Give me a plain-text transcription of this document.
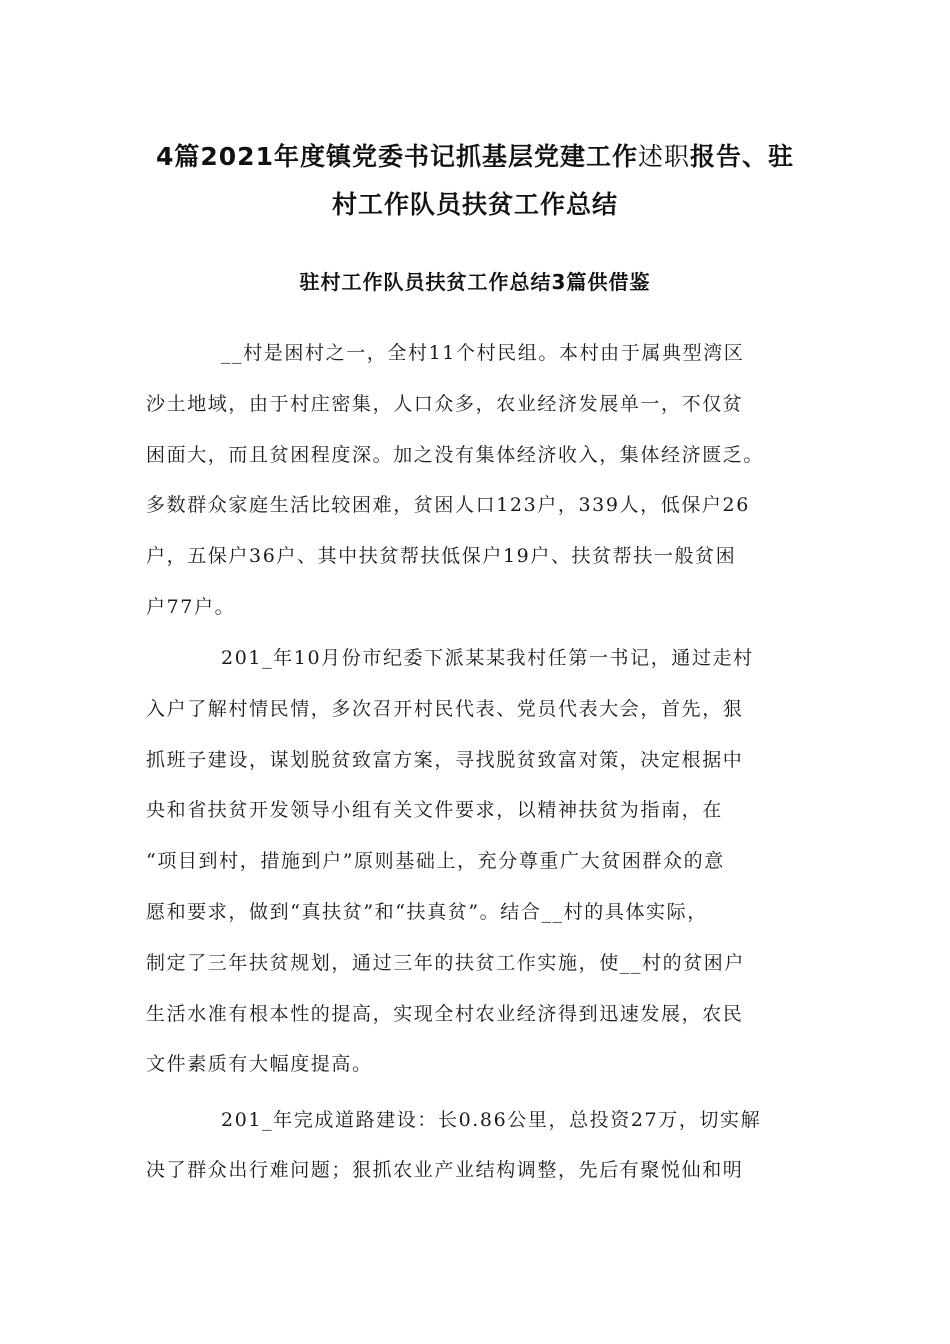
4篇2021年度镇党委书记抓基层党建工作述职报告、驻
村工作队员扶贫工作总结
驻村工作队员扶贫工作总结3篇供借鉴
__村是困村之一，全村11个村民组。本村由于属典型湾区
沙土地域，由于村庄密集，人口众多，农业经济发展单一，不仅贫
困面大，而且贫困程度深。加之没有集体经济收入，集体经济匮乏。
多数群众家庭生活比较困难，贫困人口123户，339人，低保户26
户，五保户36户、其中扶贫帮扶低保户19户、扶贫帮扶一般贫困
户77户。
201_年10月份市纪委下派某某我村任第一书记，通过走村
入户了解村情民情，多次召开村民代表、党员代表大会，首先，狠
抓班子建设，谋划脱贫致富方案，寻找脱贫致富对策，决定根据中
央和省扶贫开发领导小组有关文件要求，以精神扶贫为指南，在
“项目到村，措施到户”原则基础上，充分尊重广大贫困群众的意
愿和要求，做到“真扶贫”和“扶真贫”。结合__村的具体实际，
制定了三年扶贫规划，通过三年的扶贫工作实施，使__村的贫困户
生活水准有根本性的提高，实现全村农业经济得到迅速发展，农民
文件素质有大幅度提高。
201_年完成道路建设：长0.86公里，总投资27万，切实解
决了群众出行难问题；狠抓农业产业结构调整，先后有聚悦仙和明
